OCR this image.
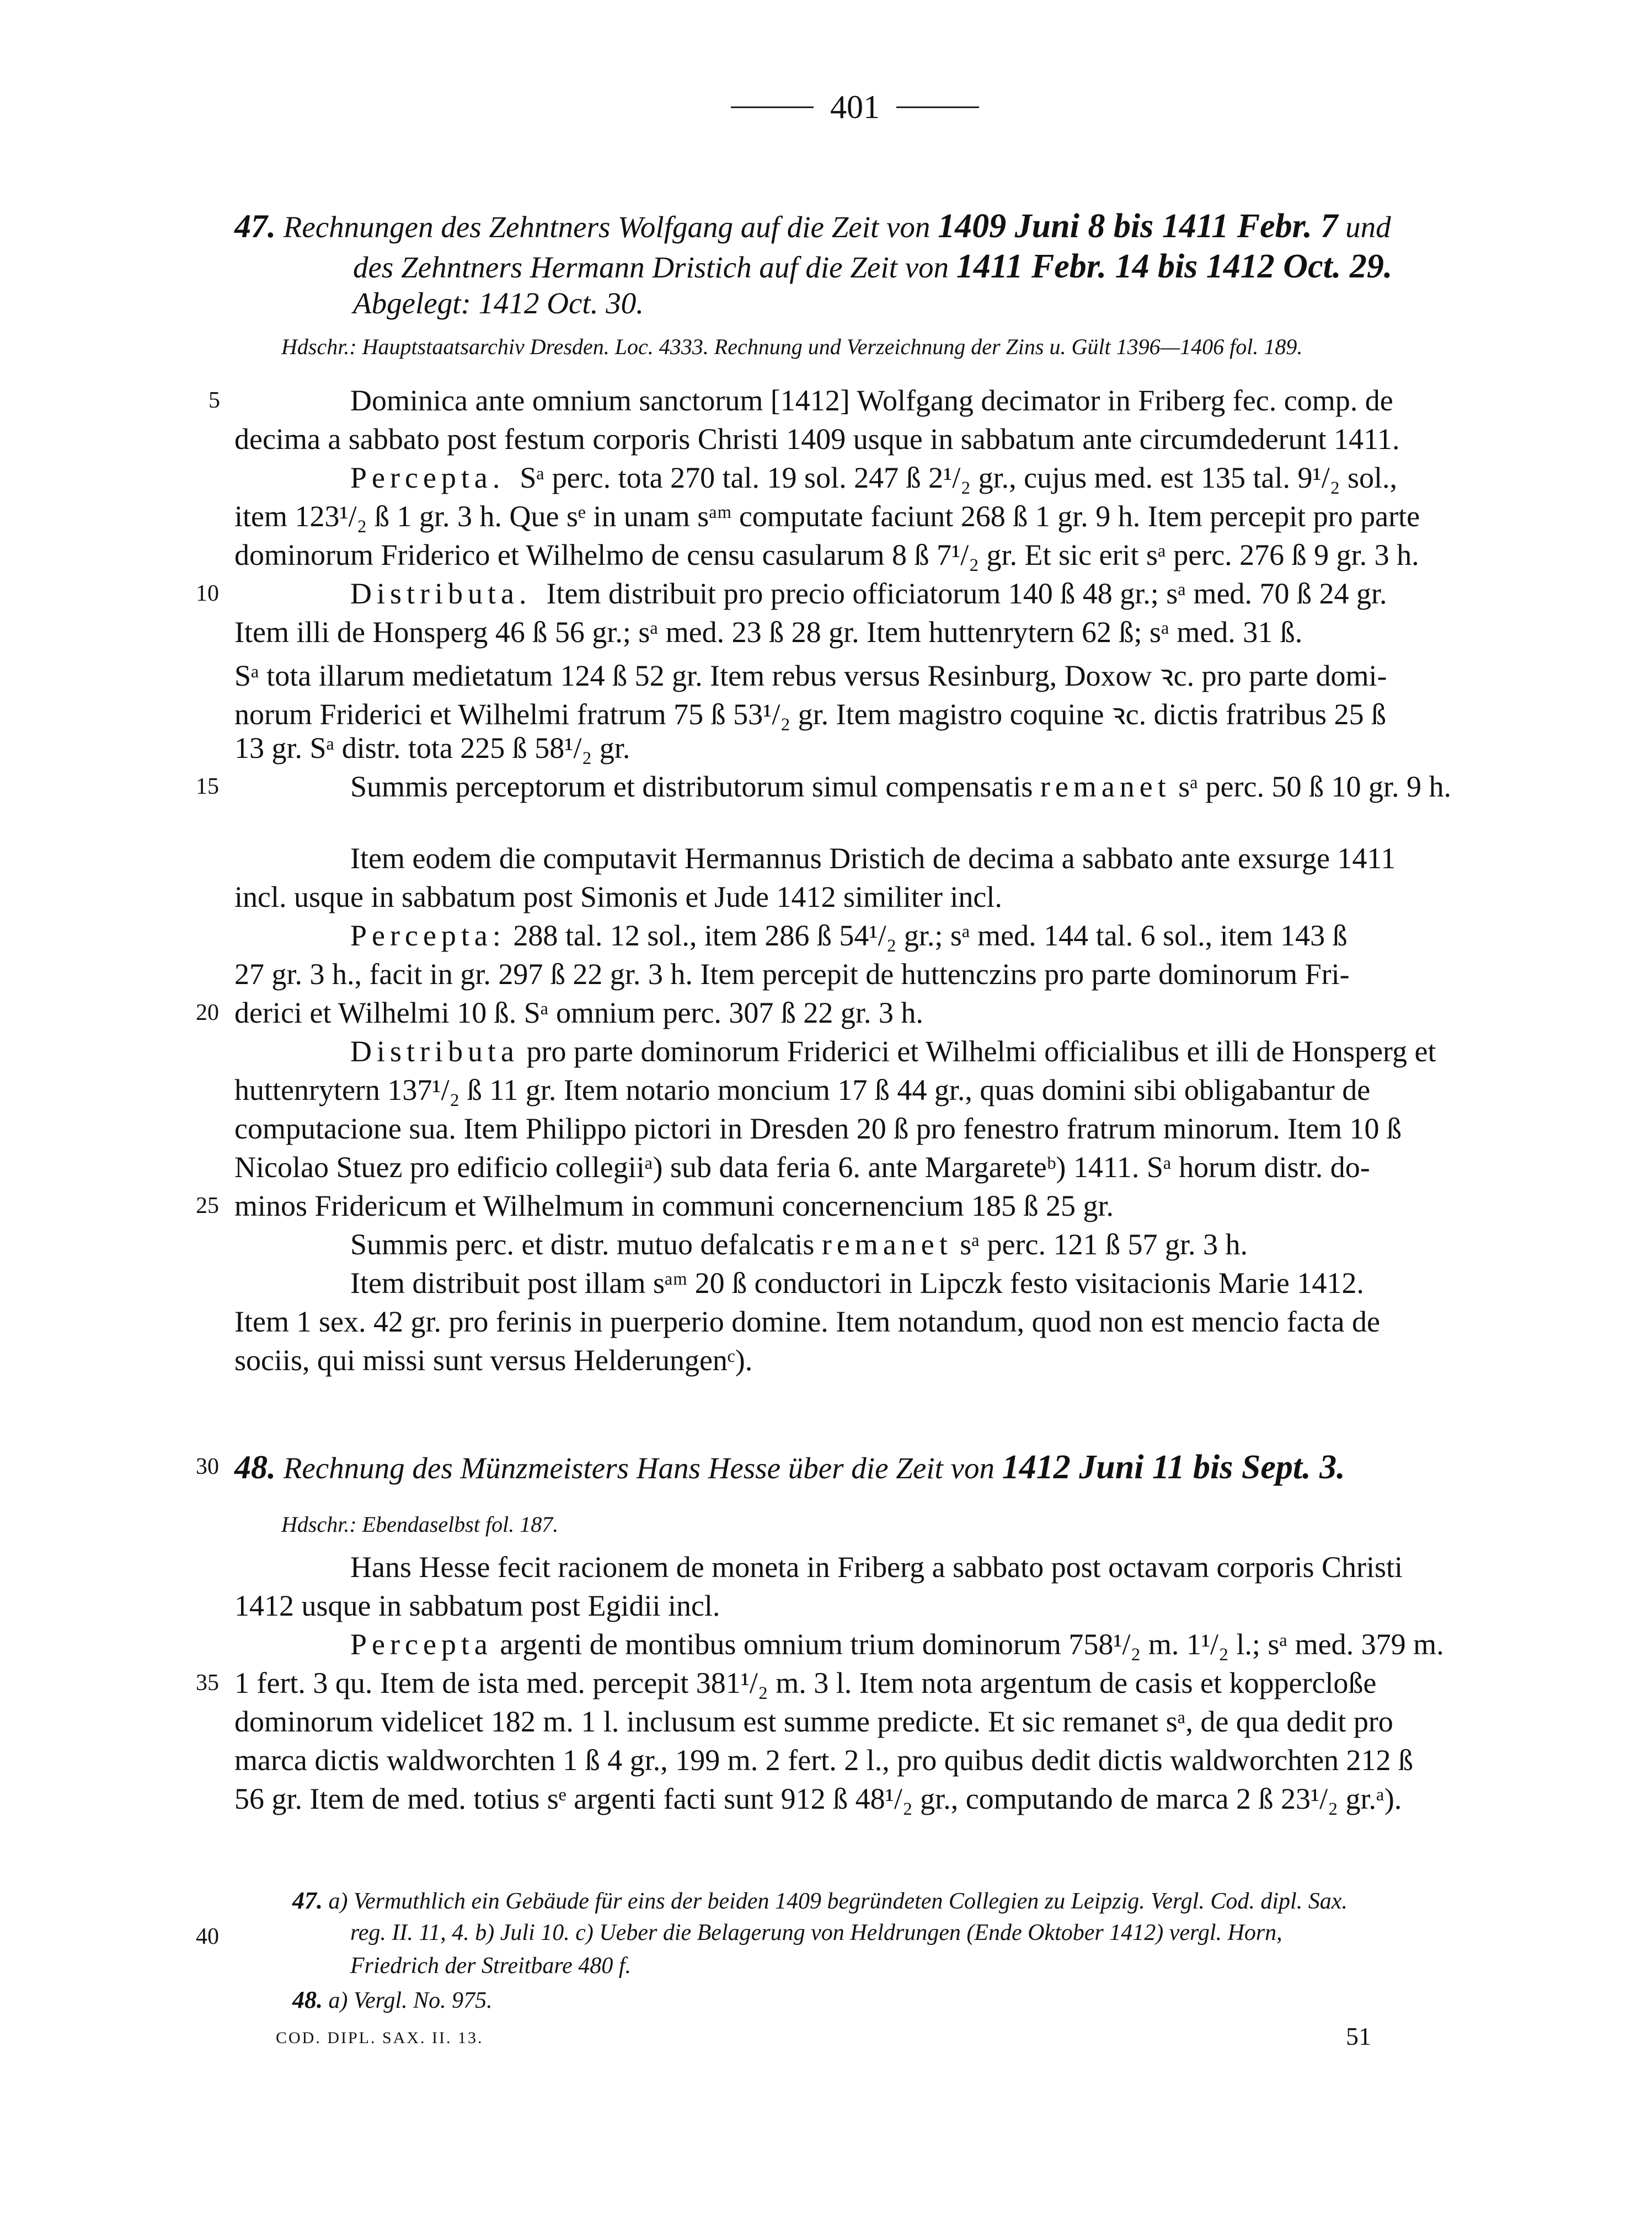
401
47. Rechnungen des Zehntners Wolfgang auf die Zeit von 1409 Juni 8 bis 1411 Febr. 7 und
des Zehntners Hermann Dristich auf die Zeit von 1411 Febr. 14 bis 1412 Oct. 29.
Abgelegt: 1412 Oct. 30.
Hdschr.: Hauptstaatsarchiv Dresden. Loc. 4333. Rechnung und Verzeichnung der Zins u. Gült 1396—1406 fol. 189.
Dominica ante omnium sanctorum [1412] Wolfgang decimator in Friberg fec. comp. de
decima a sabbato post festum corporis Christi 1409 usque in sabbatum ante circumdederunt 1411.
Percepta. Sᵃ perc. tota 270 tal. 19 sol. 247 ß 2¹/₂ gr., cujus med. est 135 tal. 9¹/₂ sol.,
item 123¹/₂ ß 1 gr. 3 h. Que sᵉ in unam sᵃᵐ computate faciunt 268 ß 1 gr. 9 h. Item percepit pro parte
dominorum Friderico et Wilhelmo de censu casularum 8 ß 7¹/₂ gr. Et sic erit sᵃ perc. 276 ß 9 gr. 3 h.
Distributa. Item distribuit pro precio officiatorum 140 ß 48 gr.; sᵃ med. 70 ß 24 gr.
Item illi de Honsperg 46 ß 56 gr.; sᵃ med. 23 ß 28 gr. Item huttenrytern 62 ß; sᵃ med. 31 ß.
Sᵃ tota illarum medietatum 124 ß 52 gr. Item rebus versus Resinburg, Doxow ꝛc. pro parte domi-
norum Friderici et Wilhelmi fratrum 75 ß 53¹/₂ gr. Item magistro coquine ꝛc. dictis fratribus 25 ß
13 gr. Sᵃ distr. tota 225 ß 58¹/₂ gr.
Summis perceptorum et distributorum simul compensatis remanet sᵃ perc. 50 ß 10 gr. 9 h.
Item eodem die computavit Hermannus Dristich de decima a sabbato ante exsurge 1411
incl. usque in sabbatum post Simonis et Jude 1412 similiter incl.
Percepta: 288 tal. 12 sol., item 286 ß 54¹/₂ gr.; sᵃ med. 144 tal. 6 sol., item 143 ß
27 gr. 3 h., facit in gr. 297 ß 22 gr. 3 h. Item percepit de huttenczins pro parte dominorum Fri-
derici et Wilhelmi 10 ß. Sᵃ omnium perc. 307 ß 22 gr. 3 h.
Distributa pro parte dominorum Friderici et Wilhelmi officialibus et illi de Honsperg et
huttenrytern 137¹/₂ ß 11 gr. Item notario moncium 17 ß 44 gr., quas domini sibi obligabantur de
computacione sua. Item Philippo pictori in Dresden 20 ß pro fenestro fratrum minorum. Item 10 ß
Nicolao Stuez pro edificio collegiiᵃ) sub data feria 6. ante Margareteᵇ) 1411. Sᵃ horum distr. do-
minos Fridericum et Wilhelmum in communi concernencium 185 ß 25 gr.
Summis perc. et distr. mutuo defalcatis remanet sᵃ perc. 121 ß 57 gr. 3 h.
Item distribuit post illam sᵃᵐ 20 ß conductori in Lipczk festo visitacionis Marie 1412.
Item 1 sex. 42 gr. pro ferinis in puerperio domine. Item notandum, quod non est mencio facta de
sociis, qui missi sunt versus Helderungenᶜ).
48. Rechnung des Münzmeisters Hans Hesse über die Zeit von 1412 Juni 11 bis Sept. 3.
Hdschr.: Ebendaselbst fol. 187.
Hans Hesse fecit racionem de moneta in Friberg a sabbato post octavam corporis Christi
1412 usque in sabbatum post Egidii incl.
Percepta argenti de montibus omnium trium dominorum 758¹/₂ m. 1¹/₂ l.; sᵃ med. 379 m.
1 fert. 3 qu. Item de ista med. percepit 381¹/₂ m. 3 l. Item nota argentum de casis et koppercloße
dominorum videlicet 182 m. 1 l. inclusum est summe predicte. Et sic remanet sᵃ, de qua dedit pro
marca dictis waldworchten 1 ß 4 gr., 199 m. 2 fert. 2 l., pro quibus dedit dictis waldworchten 212 ß
56 gr. Item de med. totius sᵉ argenti facti sunt 912 ß 48¹/₂ gr., computando de marca 2 ß 23¹/₂ gr.ᵃ).
47. a) Vermuthlich ein Gebäude für eins der beiden 1409 begründeten Collegien zu Leipzig. Vergl. Cod. dipl. Sax.
reg. II. 11, 4. b) Juli 10. c) Ueber die Belagerung von Heldrungen (Ende Oktober 1412) vergl. Horn,
Friedrich der Streitbare 480 f.
48. a) Vergl. No. 975.
COD. DIPL. SAX. II. 13.	51
5
10
15
20
25
30
35
40
